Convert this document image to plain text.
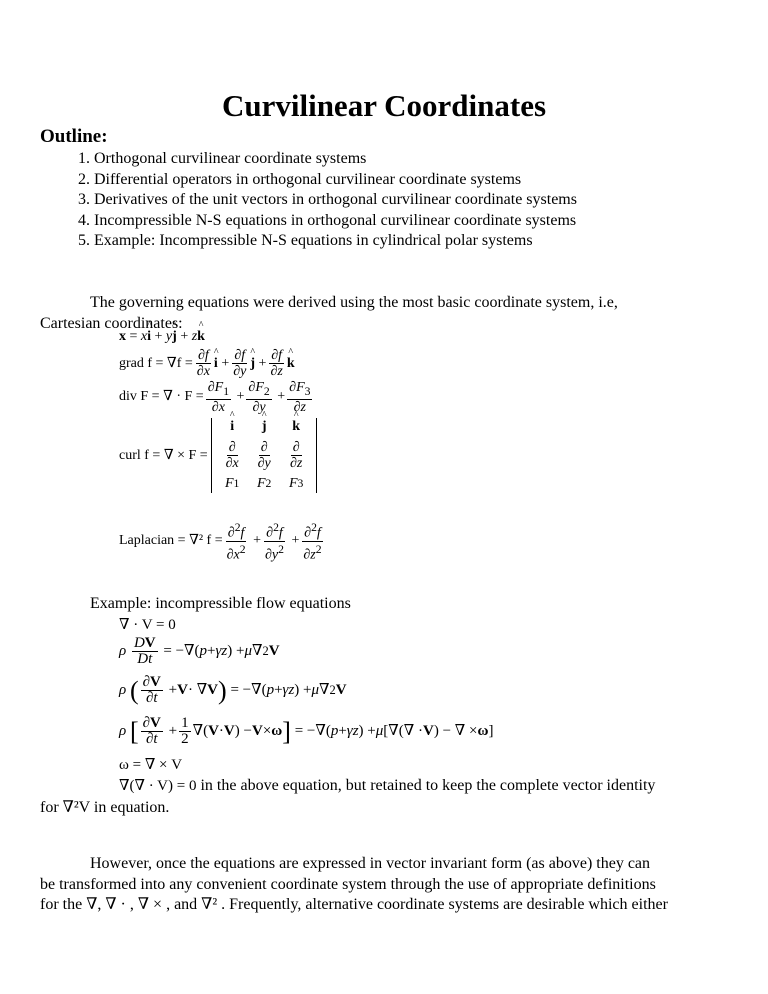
Curvilinear Coordinates
Outline:
1. Orthogonal curvilinear coordinate systems
2. Differential operators in orthogonal curvilinear coordinate systems
3. Derivatives of the unit vectors in orthogonal curvilinear coordinate systems
4. Incompressible N-S equations in orthogonal curvilinear coordinate systems
5. Example: Incompressible N-S equations in cylindrical polar systems

The governing equations were derived using the most basic coordinate system, i.e,
Cartesian coordinates:

x = xi ^ + yj ^ + zk ^
grad $f = \nabla f = \frac{\partial f}{\partial x}$ i ^ + $\frac{\partial f}{\partial y}$ j ^ + $\frac{\partial f}{\partial z}$ k ^
div F = ∇ · $F = \frac{\partial F_1}{\partial x} + \frac{\partial F_2}{\partial y} + \frac{\partial F_3}{\partial z}$
curl f = ∇ × F =

i ^	j ^	k ^
$\frac{\partial}{\partial x} \frac{\partial}{\partial y} \frac{\partial}{\partial z}$
F 1 F 2 F 3
Laplacian = ∇² $f = \frac{\partial^2f}{\partial x^2} + \frac{\partial^2f}{\partial y^2} + \frac{\partial^2f}{\partial z^2}$
Example: incompressible flow equations
∇ · V = 0
ρ
$\frac{DV}{Dt}$ = −∇( p + γz ) + μ ∇ 2 V
ρ
( $\frac{\partial V}{\partial t} + V$ · ∇ V ) = −∇( p + γz ) + μ ∇ 2 V
ρ
[ $\frac{\partial V}{\partial t} + \frac{1}{2}$ ∇( V · V ) − V × ω ] = −∇( p + γz ) + μ [∇(∇ · V ) − ∇ × ω ]
ω = ∇ × V
∇(∇ · V) = 0 in the above equation, but retained to keep the complete vector identity
for ∇²V in equation.

However, once the equations are expressed in vector invariant form (as above) they can
be transformed into any convenient coordinate system through the use of appropriate definitions
for the ∇, ∇ · , ∇ × , and ∇² . Frequently, alternative coordinate systems are desirable which either
